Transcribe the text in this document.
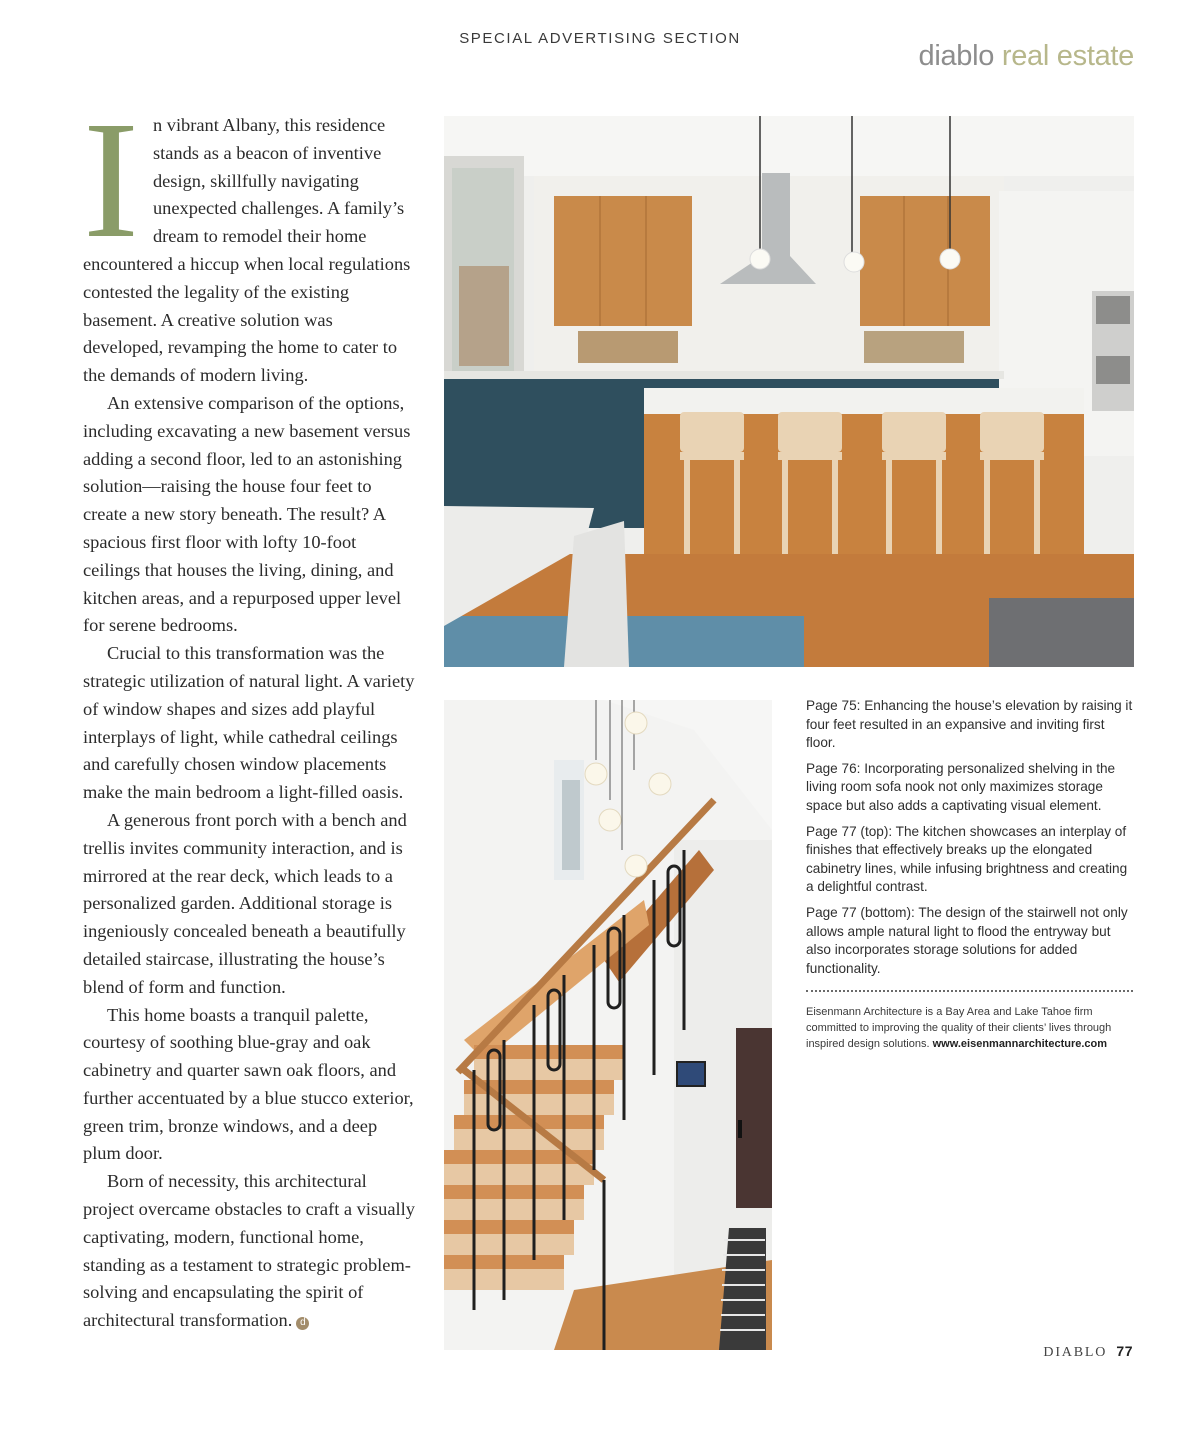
SPECIAL ADVERTISING SECTION
diablo real estate

In vibrant Albany, this residence stands as a beacon of inventive design, skillfully navigating unexpected challenges. A family’s dream to remodel their home encountered a hiccup when local regulations contested the legality of the existing basement. A creative solution was developed, revamping the home to cater to the demands of modern living.

An extensive comparison of the options, including excavating a new basement versus adding a second floor, led to an astonishing solution—raising the house four feet to create a new story beneath. The result? A spacious first floor with lofty 10-foot ceilings that houses the living, dining, and kitchen areas, and a repurposed upper level for serene bedrooms.

Crucial to this transformation was the strategic utilization of natural light. A variety of window shapes and sizes add playful interplays of light, while cathedral ceilings and carefully chosen window placements make the main bedroom a light-filled oasis.

A generous front porch with a bench and trellis invites community interaction, and is mirrored at the rear deck, which leads to a personalized garden. Additional storage is ingeniously concealed beneath a beautifully detailed staircase, illustrating the house’s blend of form and function.

This home boasts a tranquil palette, courtesy of soothing blue-gray and oak cabinetry and quarter sawn oak floors, and further accentuated by a blue stucco exterior, green trim, bronze windows, and a deep plum door.

Born of necessity, this architectural project overcame obstacles to craft a visually captivating, modern, functional home, standing as a testament to strategic problem-solving and encapsulating the spirit of architectural transformation. d

Page 75: Enhancing the house’s elevation by raising it four feet resulted in an expansive and inviting first floor.

Page 76: Incorporating personalized shelving in the living room sofa nook not only maximizes storage space but also adds a captivating visual element.

Page 77 (top): The kitchen showcases an interplay of finishes that effectively breaks up the elongated cabinetry lines, while infusing brightness and creating a delightful contrast.

Page 77 (bottom): The design of the stairwell not only allows ample natural light to flood the entryway but also incorporates storage solutions for added functionality.

Eisenmann Architecture is a Bay Area and Lake Tahoe firm committed to improving the quality of their clients’ lives through inspired design solutions. www.eisenmannarchitecture.com
DIABLO 77
